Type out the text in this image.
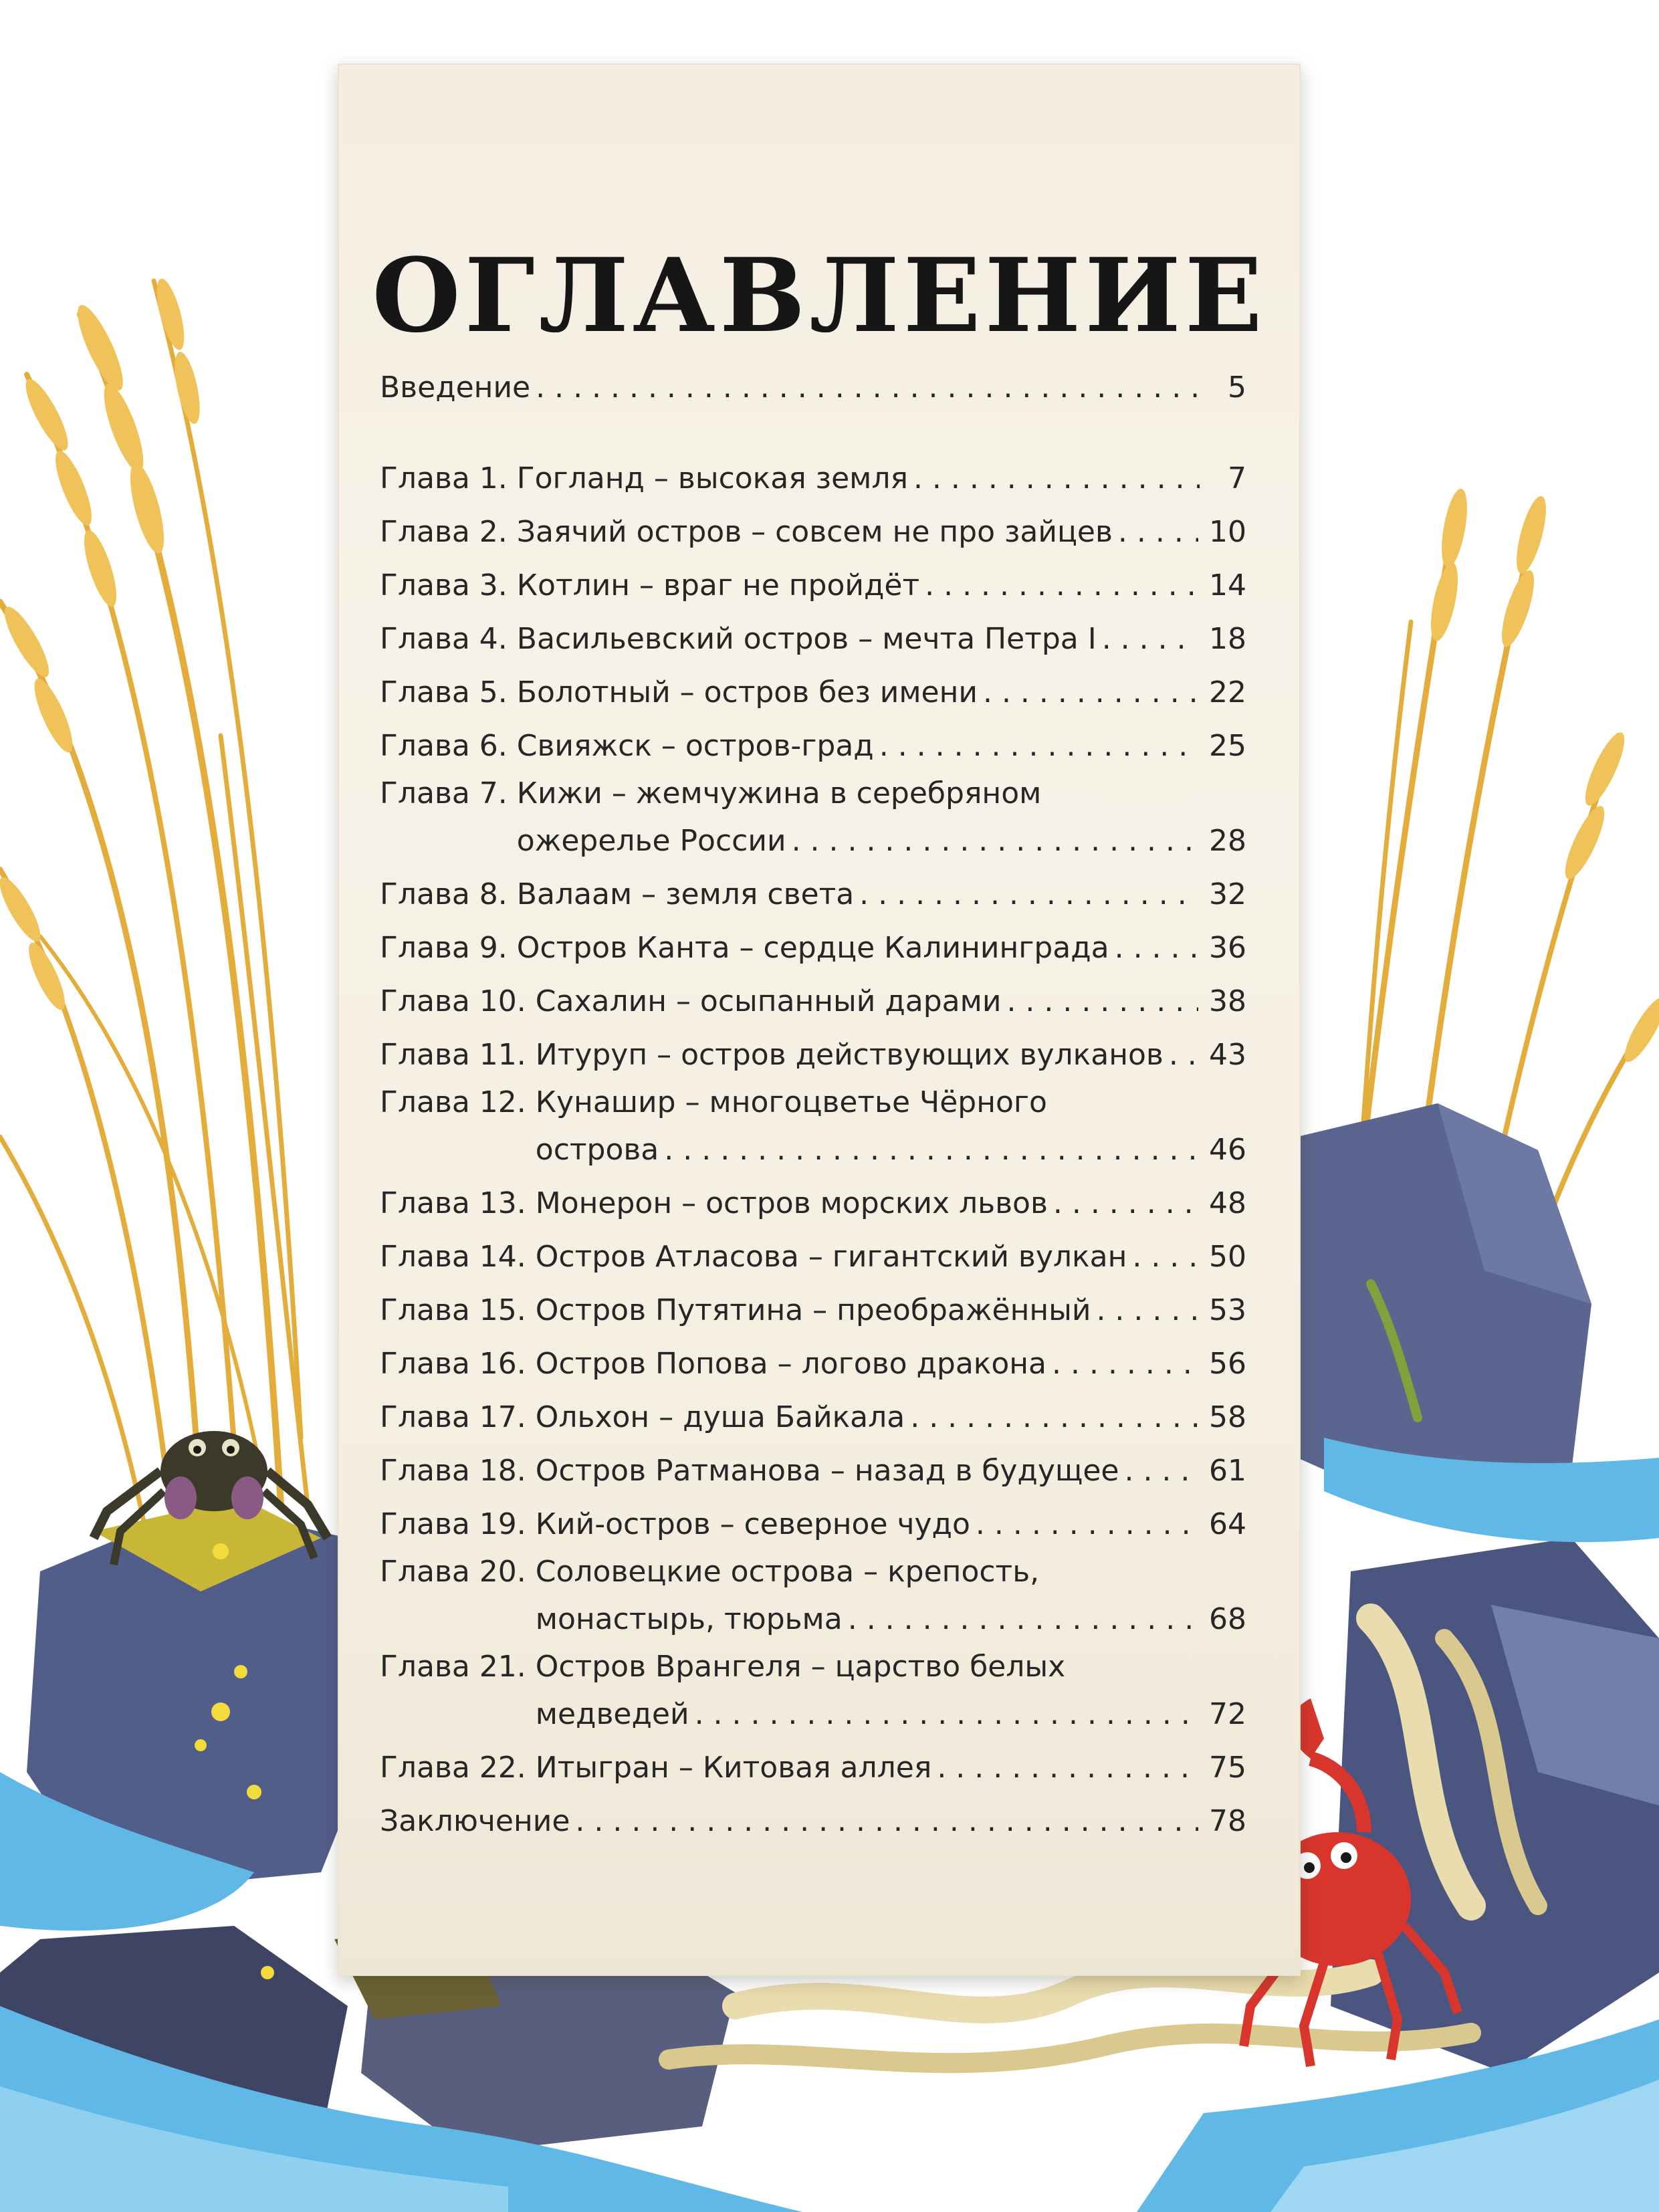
ОГЛАВЛЕНИЕ
Введение . . .	5
Глава 1. Гогланд – высокая земля . . .	7
Глава 2. Заячий остров – совсем не про зайцев . . .	10
Глава 3. Котлин – враг не пройдёт . . .	14
Глава 4. Васильевский остров – мечта Петра I . . .	18
Глава 5. Болотный – остров без имени . . .	22
Глава 6. Свияжск – остров-град . . .	25
Глава 7. Кижи – жемчужина в серебряном
ожерелье России . . .	28
Глава 8. Валаам – земля света . . .	32
Глава 9. Остров Канта – сердце Калининграда . . .	36
Глава 10. Сахалин – осыпанный дарами . . .	38
Глава 11. Итуруп – остров действующих вулканов . . .	43
Глава 12. Кунашир – многоцветье Чёрного
острова . . .	46
Глава 13. Монерон – остров морских львов . . .	48
Глава 14. Остров Атласова – гигантский вулкан . . .	50
Глава 15. Остров Путятина – преображённый . . .	53
Глава 16. Остров Попова – логово дракона . . .	56
Глава 17. Ольхон – душа Байкала . . .	58
Глава 18. Остров Ратманова – назад в будущее . . .	61
Глава 19. Кий-остров – северное чудо . . .	64
Глава 20. Соловецкие острова – крепость,
монастырь, тюрьма . . .	68
Глава 21. Остров Врангеля – царство белых
медведей . . .	72
Глава 22. Итыгран – Китовая аллея . . .	75
Заключение . . .	78
